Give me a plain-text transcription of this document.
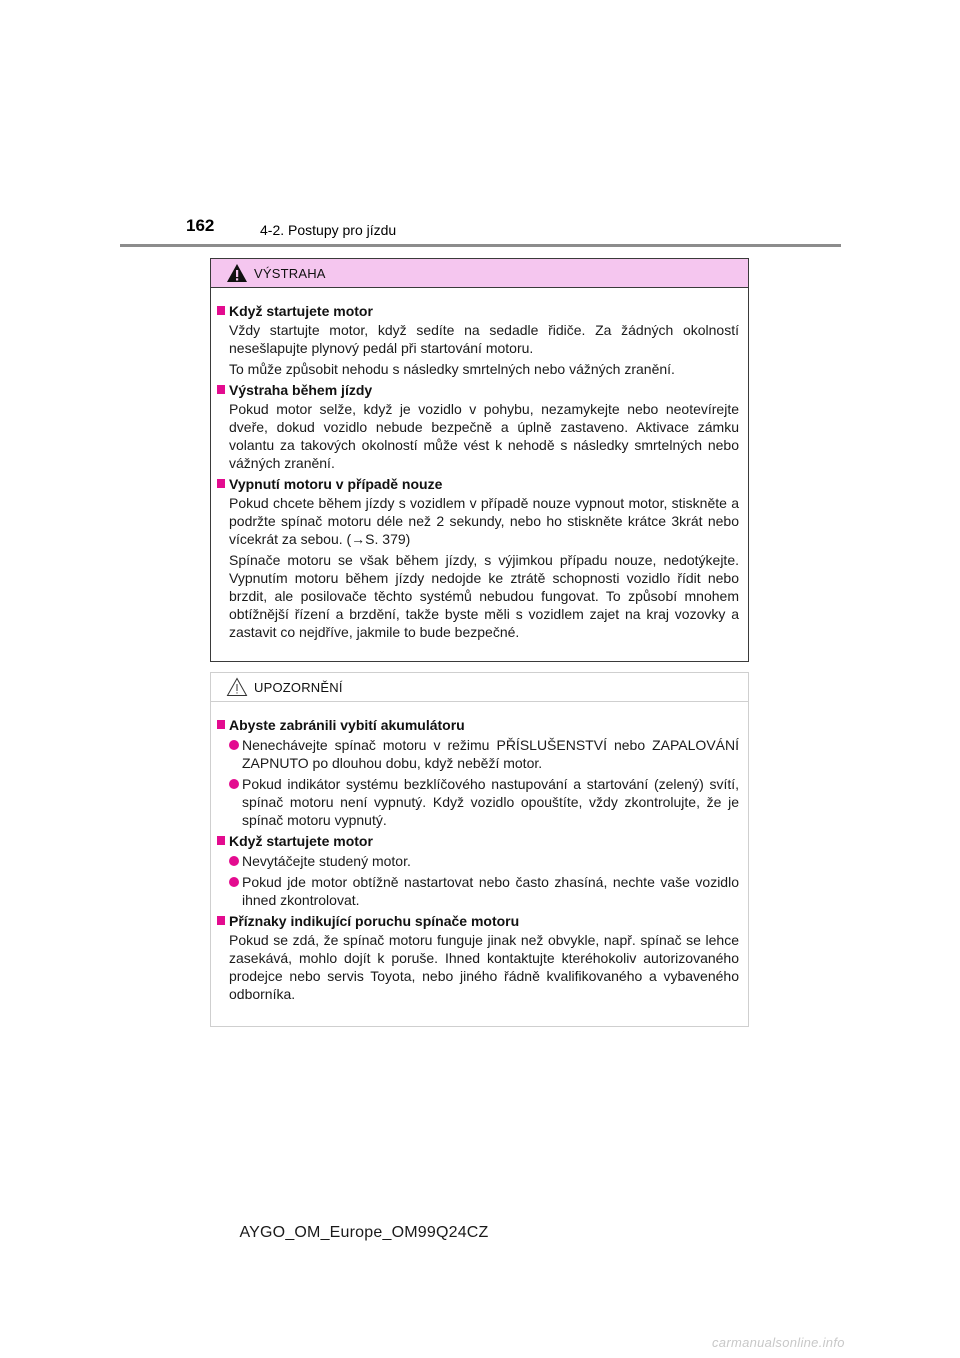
162	4-2. Postupy pro jízdu
VÝSTRAHA
Když startujete motor
Vždy startujte motor, když sedíte na sedadle řidiče. Za žádných okolností nesešlapujte plynový pedál při startování motoru.
To může způsobit nehodu s následky smrtelných nebo vážných zranění.
Výstraha během jízdy
Pokud motor selže, když je vozidlo v pohybu, nezamykejte nebo neotevírejte dveře, dokud vozidlo nebude bezpečně a úplně zastaveno. Aktivace zámku volantu za takových okolností může vést k nehodě s následky smrtelných nebo vážných zranění.
Vypnutí motoru v případě nouze
Pokud chcete během jízdy s vozidlem v případě nouze vypnout motor, stiskněte a podržte spínač motoru déle než 2 sekundy, nebo ho stiskněte krátce 3krát nebo vícekrát za sebou. (→S. 379)
Spínače motoru se však během jízdy, s výjimkou případu nouze, nedotýkejte. Vypnutím motoru během jízdy nedojde ke ztrátě schopnosti vozidlo řídit nebo brzdit, ale posilovače těchto systémů nebudou fungovat. To způsobí mnohem obtížnější řízení a brzdění, takže byste měli s vozidlem zajet na kraj vozovky a zastavit co nejdříve, jakmile to bude bezpečné.
UPOZORNĚNÍ
Abyste zabránili vybití akumulátoru
Nenechávejte spínač motoru v režimu PŘÍSLUŠENSTVÍ nebo ZAPALOVÁNÍ ZAPNUTO po dlouhou dobu, když neběží motor.
Pokud indikátor systému bezklíčového nastupování a startování (zelený) svítí, spínač motoru není vypnutý. Když vozidlo opouštíte, vždy zkontrolujte, že je spínač motoru vypnutý.
Když startujete motor
Nevytáčejte studený motor.
Pokud jde motor obtížně nastartovat nebo často zhasíná, nechte vaše vozidlo ihned zkontrolovat.
Příznaky indikující poruchu spínače motoru
Pokud se zdá, že spínač motoru funguje jinak než obvykle, např. spínač se lehce zasekává, mohlo dojít k poruše. Ihned kontaktujte kteréhokoliv autorizovaného prodejce nebo servis Toyota, nebo jiného řádně kvalifikovaného a vybaveného odborníka.
AYGO_OM_Europe_OM99Q24CZ
carmanualsonline.info
